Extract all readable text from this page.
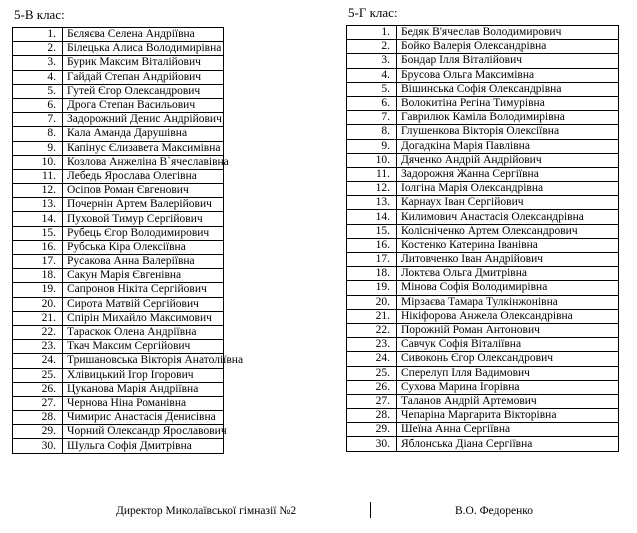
5-В клас:
1.	Бєляєва Селена Андріївна
2.	Білецька Алиса Володимирівна
3.	Бурик Максим Віталійович
4.	Гайдай Степан Андрійович
5.	Гутей Єгор Олександрович
6.	Дрога Степан Васильович
7.	Задорожний Денис Андрійович
8.	Кала Аманда Дарушівна
9.	Капінус Єлизавета Максимівна
10.	Козлова Анжеліна В`ячеславівна
11.	Лебедь Ярослава Олегівна
12.	Осіпов Роман Євгенович
13.	Почернін Артем Валерійович
14.	Пуховой Тимур Сергійович
15.	Рубець Єгор Володимирович
16.	Рубська Кіра Олексіївна
17.	Русакова Анна Валеріївна
18.	Сакун Марія Євгенівна
19.	Сапронов Нікіта Сергійович
20.	Сирота Матвій Сергійович
21.	Спірін Михайло Максимович
22.	Тараскок Олена Андріївна
23.	Ткач Максим Сергійович
24.	Тришановська Вікторія Анатоліївна
25.	Хлівицький Ігор Ігорович
26.	Цуканова Марія Андріївна
27.	Чернова Ніна Романівна
28.	Чимирис Анастасія Денисівна
29.	Чорний Олександр Ярославович
30.	Шульга Софія Дмитрівна
5-Г клас:
1.	Бедяк В'ячеслав Володимирович
2.	Бойко Валерія Олександрівна
3.	Бондар Ілля Віталійович
4.	Брусова Ольга Максимівна
5.	Вішинська Софія Олександрівна
6.	Волокитіна Регіна Тимурівна
7.	Гаврилюк Каміла Володимирівна
8.	Глушенкова Вікторія Олексіївна
9.	Догадкіна Марія Павлівна
10.	Дяченко Андрій Андрійович
11.	Задорожня Жанна Сергіївна
12.	Іолгіна Марія Олександрівна
13.	Карнаух Іван Сергійович
14.	Килимович Анастасія Олександрівна
15.	Колісніченко Артем Олександрович
16.	Костенко Катерина Іванівна
17.	Литовченко Іван Андрійович
18.	Локтєва Ольга Дмитрівна
19.	Мінова Софія Володимирівна
20.	Мірзаєва Тамара Тулкінжонівна
21.	Нікіфорова Анжела Олександрівна
22.	Порожній Роман Антонович
23.	Савчук Софія Віталіївна
24.	Сивоконь Єгор Олександрович
25.	Сперелуп Ілля Вадимович
26.	Сухова Марина Ігорівна
27.	Таланов Андрій Артемович
28.	Чепаріна Маргарита Вікторівна
29.	Шеїна Анна Сергіївна
30.	Яблонська Діана Сергіївна
Директор Миколаївської гімназії №2	В.О. Федоренко
